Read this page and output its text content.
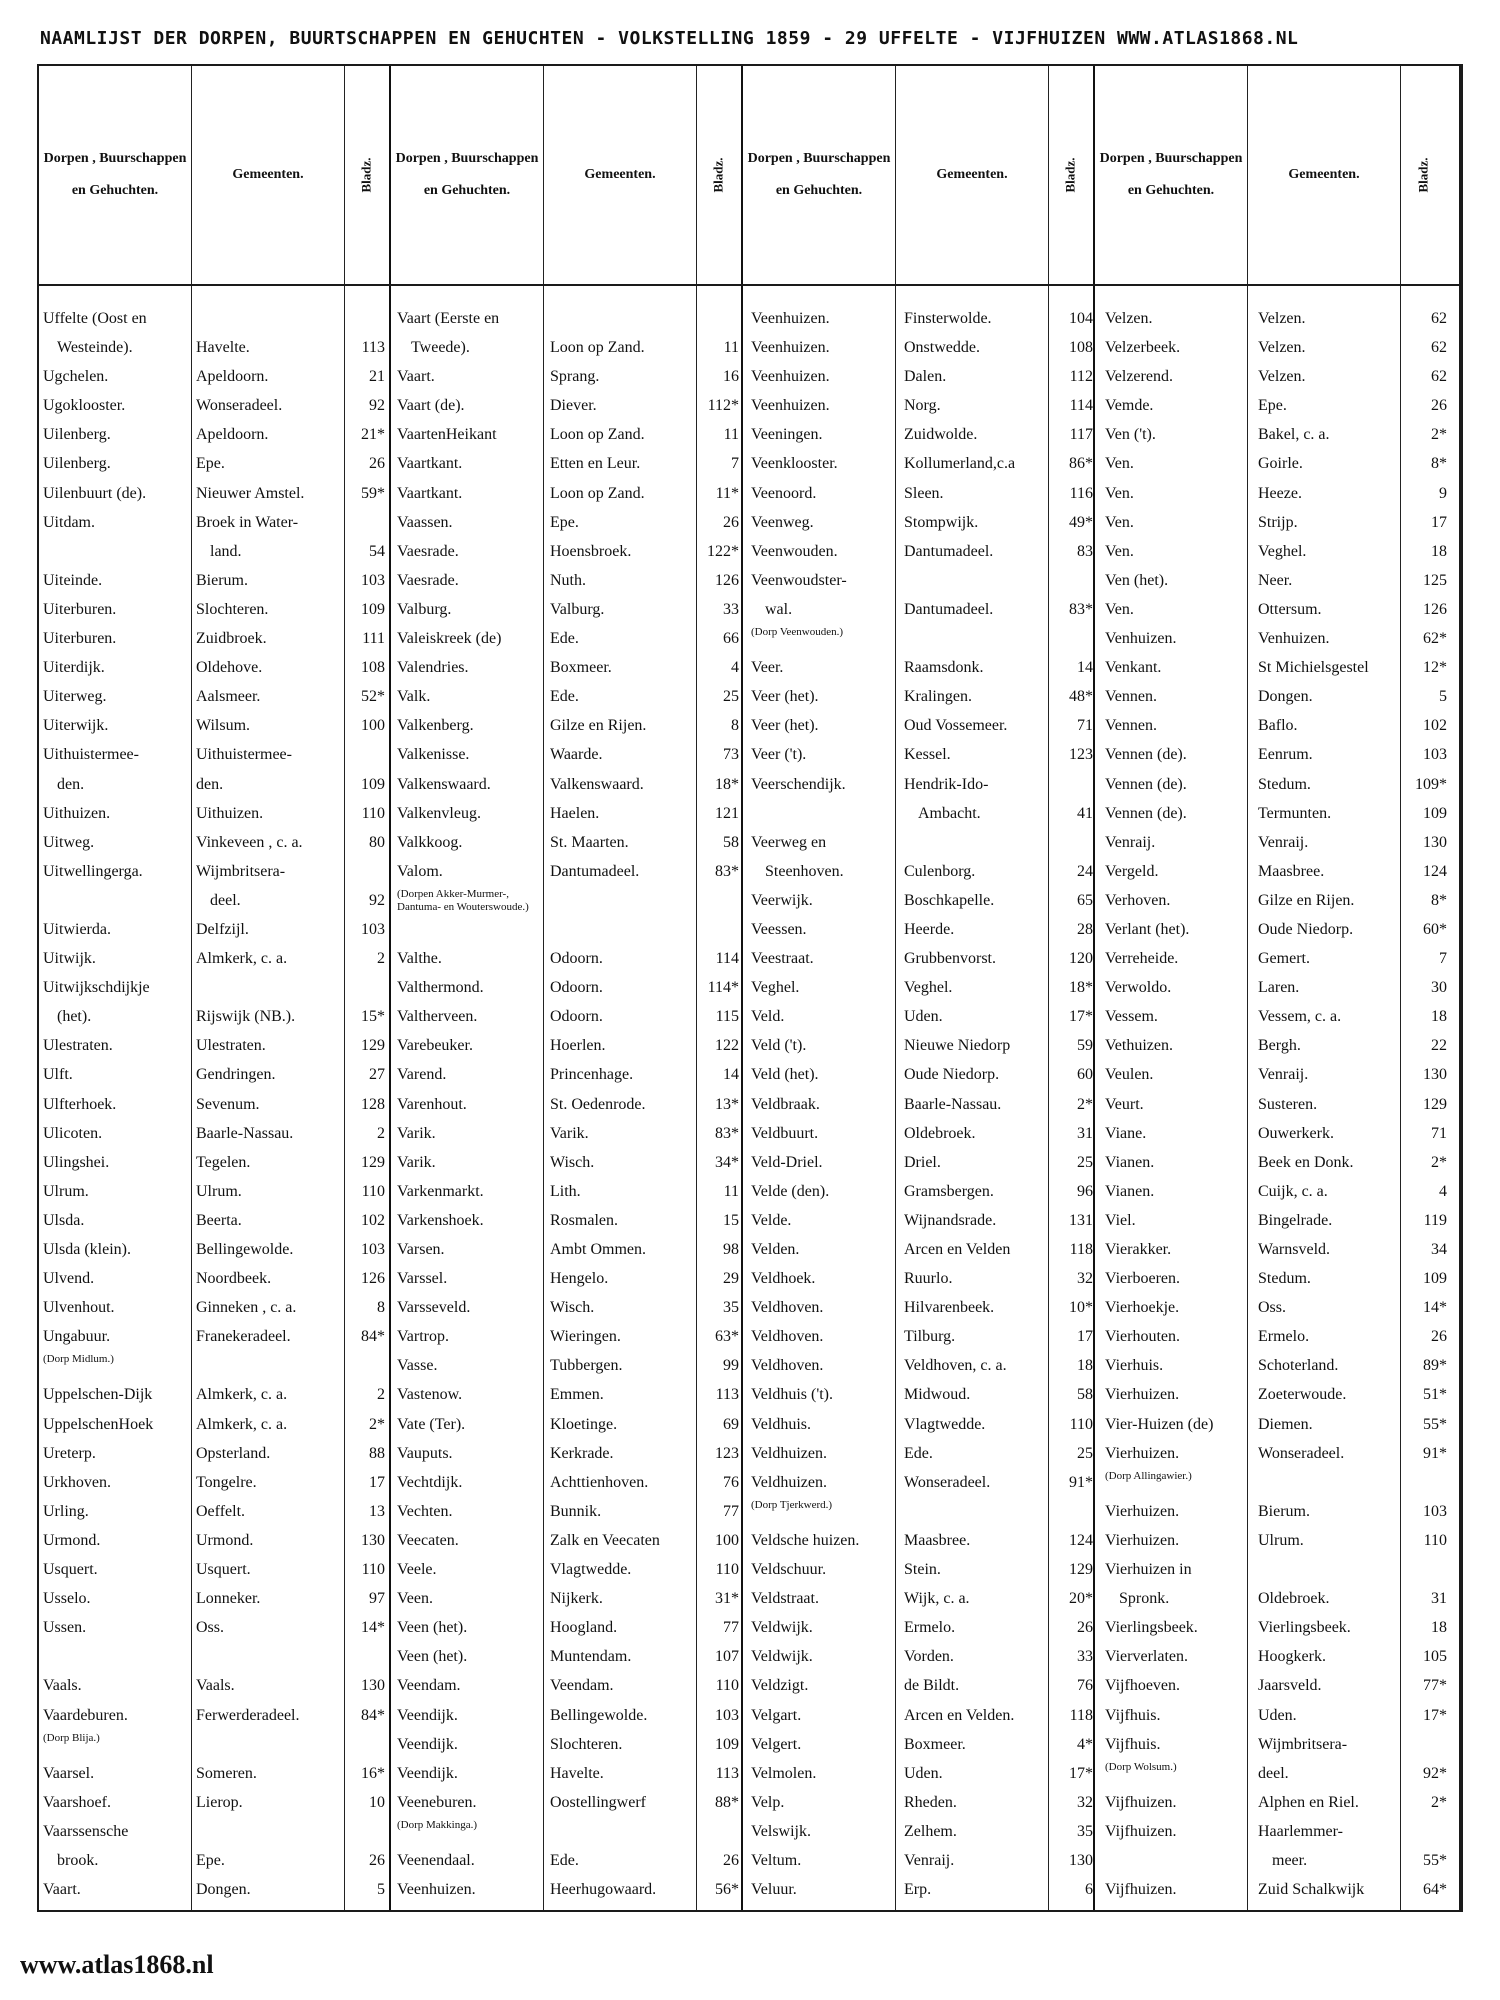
NAAMLIJST DER DORPEN, BUURTSCHAPPEN EN GEHUCHTEN - VOLKSTELLING 1859 - 29 UFFELTE - VIJFHUIZEN WWW.ATLAS1868.NL
Dorpen , Buurschappen en Gehuchten.
Gemeenten.	Bladz.	Dorpen , Buurschappen en Gehuchten.
Gemeenten.	Bladz.	Dorpen , Buurschappen en Gehuchten.
Gemeenten.	Bladz.	Dorpen , Buurschappen en Gehuchten.
Gemeenten.	Bladz.
Uffelte (Oost en
Westeinde).	Havelte.	113
Ugchelen.	Apeldoorn.	21
Ugoklooster.	Wonseradeel.	92
Uilenberg.	Apeldoorn.	21*
Uilenberg.	Epe.	26
Uilenbuurt (de).	Nieuwer Amstel.	59*
Uitdam.	Broek in Water-
land.	54
Uiteinde.	Bierum.	103
Uiterburen.	Slochteren.	109
Uiterburen.	Zuidbroek.	111
Uiterdijk.	Oldehove.	108
Uiterweg.	Aalsmeer.	52*
Uiterwijk.	Wilsum.	100
Uithuistermee-	Uithuistermee-
den.	den.	109
Uithuizen.	Uithuizen.	110
Uitweg.	Vinkeveen , c. a.	80
Uitwellingerga.	Wijmbritsera-
deel.	92
Uitwierda.	Delfzijl.	103
Uitwijk.	Almkerk, c. a.	2
Uitwijkschdijkje
(het).	Rijswijk (NB.).	15*
Ulestraten.	Ulestraten.	129
Ulft.	Gendringen.	27
Ulfterhoek.	Sevenum.	128
Ulicoten.	Baarle-Nassau.	2
Ulingshei.	Tegelen.	129
Ulrum.	Ulrum.	110
Ulsda.	Beerta.	102
Ulsda (klein).	Bellingewolde.	103
Ulvend.	Noordbeek.	126
Ulvenhout.	Ginneken , c. a.	8
Ungabuur.	Franekeradeel.	84*
(Dorp Midlum.)
Uppelschen-Dijk	Almkerk, c. a.	2
UppelschenHoek	Almkerk, c. a.	2*
Ureterp.	Opsterland.	88
Urkhoven.	Tongelre.	17
Urling.	Oeffelt.	13
Urmond.	Urmond.	130
Usquert.	Usquert.	110
Usselo.	Lonneker.	97
Ussen.	Oss.	14*
Vaals.	Vaals.	130
Vaardeburen.	Ferwerderadeel.	84*
(Dorp Blija.)
Vaarsel.	Someren.	16*
Vaarshoef.	Lierop.	10
Vaarssensche
brook.	Epe.	26
Vaart.	Dongen.	5
Vaart (Eerste en
Tweede).	Loon op Zand.	11
Vaart.	Sprang.	16
Vaart (de).	Diever.	112*
VaartenHeikant	Loon op Zand.	11
Vaartkant.	Etten en Leur.	7
Vaartkant.	Loon op Zand.	11*
Vaassen.	Epe.	26
Vaesrade.	Hoensbroek.	122*
Vaesrade.	Nuth.	126
Valburg.	Valburg.	33
Valeiskreek (de)	Ede.	66
Valendries.	Boxmeer.	4
Valk.	Ede.	25
Valkenberg.	Gilze en Rijen.	8
Valkenisse.	Waarde.	73
Valkenswaard.	Valkenswaard.	18*
Valkenvleug.	Haelen.	121
Valkkoog.	St. Maarten.	58
Valom.	Dantumadeel.	83*
(Dorpen Akker-Murmer-, Dantuma- en Wouterswoude.)
Valthe.	Odoorn.	114
Valthermond.	Odoorn.	114*
Valtherveen.	Odoorn.	115
Varebeuker.	Hoerlen.	122
Varend.	Princenhage.	14
Varenhout.	St. Oedenrode.	13*
Varik.	Varik.	83*
Varik.	Wisch.	34*
Varkenmarkt.	Lith.	11
Varkenshoek.	Rosmalen.	15
Varsen.	Ambt Ommen.	98
Varssel.	Hengelo.	29
Varsseveld.	Wisch.	35
Vartrop.	Wieringen.	63*
Vasse.	Tubbergen.	99
Vastenow.	Emmen.	113
Vate (Ter).	Kloetinge.	69
Vauputs.	Kerkrade.	123
Vechtdijk.	Achttienhoven.	76
Vechten.	Bunnik.	77
Veecaten.	Zalk en Veecaten	100
Veele.	Vlagtwedde.	110
Veen.	Nijkerk.	31*
Veen (het).	Hoogland.	77
Veen (het).	Muntendam.	107
Veendam.	Veendam.	110
Veendijk.	Bellingewolde.	103
Veendijk.	Slochteren.	109
Veendijk.	Havelte.	113
Veeneburen.	Oostellingwerf	88*
(Dorp Makkinga.)
Veenendaal.	Ede.	26
Veenhuizen.	Heerhugowaard.	56*
Veenhuizen.	Finsterwolde.	104
Veenhuizen.	Onstwedde.	108
Veenhuizen.	Dalen.	112
Veenhuizen.	Norg.	114
Veeningen.	Zuidwolde.	117
Veenklooster.	Kollumerland,c.a	86*
Veenoord.	Sleen.	116
Veenweg.	Stompwijk.	49*
Veenwouden.	Dantumadeel.	83
Veenwoudster-
wal.	Dantumadeel.	83*
(Dorp Veenwouden.)
Veer.	Raamsdonk.	14
Veer (het).	Kralingen.	48*
Veer (het).	Oud Vossemeer.	71
Veer ('t).	Kessel.	123
Veerschendijk.	Hendrik-Ido-
Ambacht.	41
Veerweg en
Steenhoven.	Culenborg.	24
Veerwijk.	Boschkapelle.	65
Veessen.	Heerde.	28
Veestraat.	Grubbenvorst.	120
Veghel.	Veghel.	18*
Veld.	Uden.	17*
Veld ('t).	Nieuwe Niedorp	59
Veld (het).	Oude Niedorp.	60
Veldbraak.	Baarle-Nassau.	2*
Veldbuurt.	Oldebroek.	31
Veld-Driel.	Driel.	25
Velde (den).	Gramsbergen.	96
Velde.	Wijnandsrade.	131
Velden.	Arcen en Velden	118
Veldhoek.	Ruurlo.	32
Veldhoven.	Hilvarenbeek.	10*
Veldhoven.	Tilburg.	17
Veldhoven.	Veldhoven, c. a.	18
Veldhuis ('t).	Midwoud.	58
Veldhuis.	Vlagtwedde.	110
Veldhuizen.	Ede.	25
Veldhuizen.	Wonseradeel.	91*
(Dorp Tjerkwerd.)
Veldsche huizen.	Maasbree.	124
Veldschuur.	Stein.	129
Veldstraat.	Wijk, c. a.	20*
Veldwijk.	Ermelo.	26
Veldwijk.	Vorden.	33
Veldzigt.	de Bildt.	76
Velgart.	Arcen en Velden.	118
Velgert.	Boxmeer.	4*
Velmolen.	Uden.	17*
Velp.	Rheden.	32
Velswijk.	Zelhem.	35
Veltum.	Venraij.	130
Veluur.	Erp.	6
Velzen.	Velzen.	62
Velzerbeek.	Velzen.	62
Velzerend.	Velzen.	62
Vemde.	Epe.	26
Ven ('t).	Bakel, c. a.	2*
Ven.	Goirle.	8*
Ven.	Heeze.	9
Ven.	Strijp.	17
Ven.	Veghel.	18
Ven (het).	Neer.	125
Ven.	Ottersum.	126
Venhuizen.	Venhuizen.	62*
Venkant.	St Michielsgestel	12*
Vennen.	Dongen.	5
Vennen.	Baflo.	102
Vennen (de).	Eenrum.	103
Vennen (de).	Stedum.	109*
Vennen (de).	Termunten.	109
Venraij.	Venraij.	130
Vergeld.	Maasbree.	124
Verhoven.	Gilze en Rijen.	8*
Verlant (het).	Oude Niedorp.	60*
Verreheide.	Gemert.	7
Verwoldo.	Laren.	30
Vessem.	Vessem, c. a.	18
Vethuizen.	Bergh.	22
Veulen.	Venraij.	130
Veurt.	Susteren.	129
Viane.	Ouwerkerk.	71
Vianen.	Beek en Donk.	2*
Vianen.	Cuijk, c. a.	4
Viel.	Bingelrade.	119
Vierakker.	Warnsveld.	34
Vierboeren.	Stedum.	109
Vierhoekje.	Oss.	14*
Vierhouten.	Ermelo.	26
Vierhuis.	Schoterland.	89*
Vierhuizen.	Zoeterwoude.	51*
Vier-Huizen (de)	Diemen.	55*
Vierhuizen.	Wonseradeel.	91*
(Dorp Allingawier.)
Vierhuizen.	Bierum.	103
Vierhuizen.	Ulrum.	110
Vierhuizen in
Spronk.	Oldebroek.	31
Vierlingsbeek.	Vierlingsbeek.	18
Vierverlaten.	Hoogkerk.	105
Vijfhoeven.	Jaarsveld.	77*
Vijfhuis.	Uden.	17*
Vijfhuis.	Wijmbritsera-
(Dorp Wolsum.)	deel.	92*
Vijfhuizen.	Alphen en Riel.	2*
Vijfhuizen.	Haarlemmer-
meer.	55*
Vijfhuizen.	Zuid Schalkwijk	64*
www.atlas1868.nl
